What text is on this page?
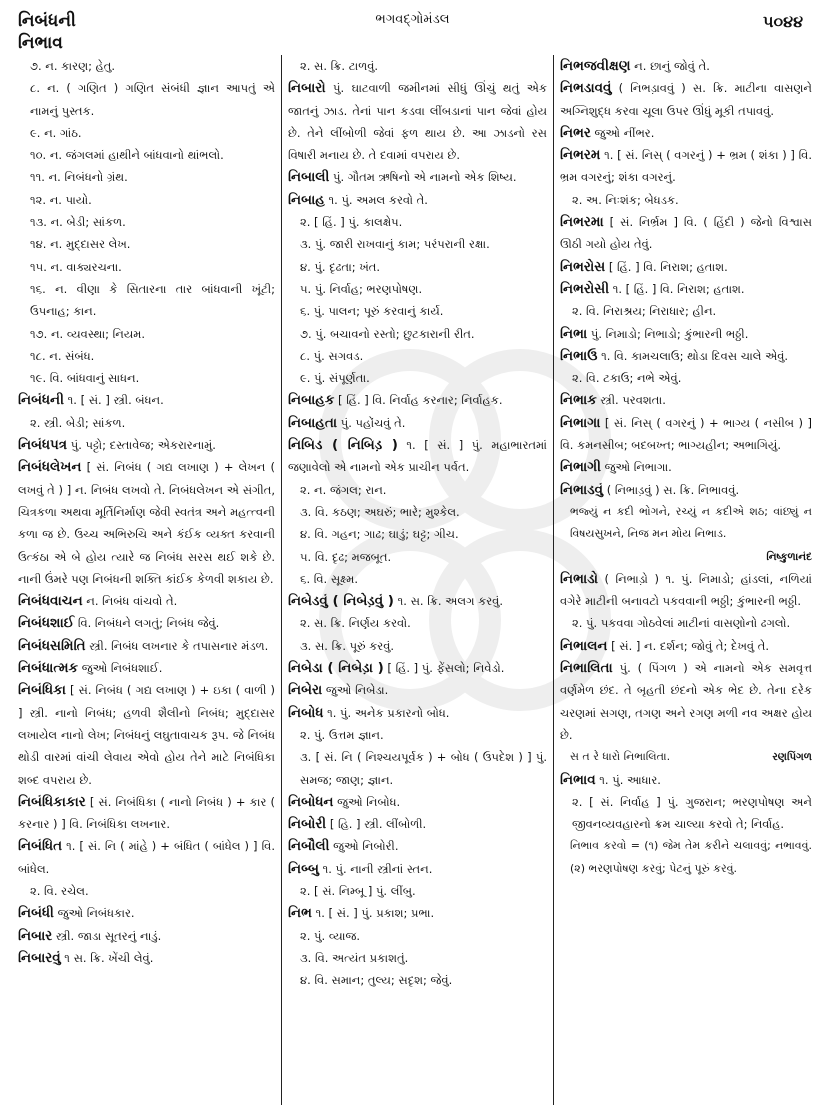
નિબંધની
નિભાવ
ભગવદ્ગોમંડલ	૫૦૪૪
૭. ન. કારણ; હેતુ.
૮. ન. ( ગણિત ) ગણિત સંબંધી જ્ઞાન આપતું એ નામનું પુસ્તક.
૯. ન. ગાંઠ.
૧૦. ન. જંગલમાં હાથીને બાંધવાનો થાંભલો.
૧૧. ન. નિબંધનો ગ્રંથ.
૧૨. ન. પાયો.
૧૩. ન. બેડી; સાંકળ.
૧૪. ન. મુદ્દાસર લેખ.
૧૫. ન. વાક્યરચના.
૧૬. ન. વીણા કે સિતારના તાર બાંધવાની ખૂંટી; ઉપનાહ; કાન.
૧૭. ન. વ્યવસ્થા; નિયમ.
૧૮. ન. સંબંધ.
૧૯. વિ. બાંધવાનું સાધન.
નિબંધની ૧. [ સં. ] સ્ત્રી. બંધન.
૨. સ્ત્રી. બેડી; સાંકળ.
નિબંધપત્ર પું. પટ્ટો; દસ્તાવેજ; એકરારનામું.
નિબંધલેખન [ સં. નિબંધ ( ગદ્ય લખાણ ) + લેખન ( લખવું તે ) ] ન. નિબંધ લખવો તે. નિબંધલેખન એ સંગીત, ચિત્રકળા અથવા મૂર્તિનિર્માણ જેવી સ્વતંત્ર અને મહત્ત્વની કળા જ છે. ઉચ્ચ અભિરુચિ અને કંઈક વ્યક્ત કરવાની ઉત્કંઠા એ બે હોય ત્યારે જ નિબંધ સરસ થઈ શકે છે. નાની ઉંમરે પણ નિબંધની શક્તિ કાંઈક કેળવી શકાય છે.
નિબંધવાચન ન. નિબંધ વાંચવો તે.
નિબંધશાઈ વિ. નિબંધને લગતું; નિબંધ જેવું.
નિબંધસમિતિ સ્ત્રી. નિબંધ લખનાર કે તપાસનાર મંડળ.
નિબંધાત્મક જુઓ નિબંધશાઈ.
નિબંધિકા [ સં. નિબંધ ( ગદ્ય લખાણ ) + ઇકા ( વાળી ) ] સ્ત્રી. નાનો નિબંધ; હળવી શૈલીનો નિબંધ; મુદ્દાસર લખાયેલ નાનો લેખ; નિબંધનું લઘુતાવાચક રૂપ. જે નિબંધ થોડી વારમાં વાંચી લેવાય એવો હોય તેને માટે નિબંધિકા શબ્દ વપરાય છે.
નિબંધિકાકાર [ સં. નિબંધિકા ( નાનો નિબંધ ) + કાર ( કરનાર ) ] વિ. નિબંધિકા લખનાર.
નિબંધિત ૧. [ સં. નિ ( માંહે ) + બંધિત ( બાંધેલ ) ] વિ. બાંધેલ.
૨. વિ. રચેલ.
નિબંધી જુઓ નિબંધકાર.
નિબાર સ્ત્રી. જાડા સૂતરનું નાડું.
નિબારવું ૧ સ. ક્રિ. ખેંચી લેવું.
૨. સ. ક્રિ. ટાળવું.
નિબારો પું. ઘાટવાળી જમીનમાં સીધું ઊંચું થતું એક જાતનું ઝાડ. તેનાં પાન કડવા લીંબડાનાં પાન જેવાં હોય છે. તેને લીંબોળી જેવાં ફળ થાય છે. આ ઝાડનો રસ વિષારી મનાય છે. તે દવામાં વપરાય છે.
નિબાલી પું. ગૌતમ ઋષિનો એ નામનો એક શિષ્ય.
નિબાહ ૧. પું. અમલ કરવો તે.
૨. [ હિં. ] પું. કાલક્ષેપ.
૩. પું. જારી રાખવાનું કામ; પરંપરાની રક્ષા.
૪. પું. દૃઢતા; ખંત.
૫. પું. નિર્વાહ; ભરણપોષણ.
૬. પું. પાલન; પૂરું કરવાનું કાર્ય.
૭. પું. બચાવનો રસ્તો; છુટકારાની રીત.
૮. પું. સગવડ.
૯. પું. સંપૂર્ણતા.
નિબાહક [ હિં. ] વિ. નિર્વાહ કરનાર; નિર્વાહક.
નિબાહતા પું. પહોંચવું તે.
નિબિડ ( નિબિડ઼ ) ૧. [ સં. ] પું. મહાભારતમાં જણાવેલો એ નામનો એક પ્રાચીન પર્વત.
૨. ન. જંગલ; રાન.
૩. વિ. કઠણ; અઘરું; ભારે; મુશ્કેલ.
૪. વિ. ગહન; ગાઢ; ઘાડું; ઘટ્ટ; ગીચ.
૫. વિ. દૃઢ; મજબૂત.
૬. વિ. સૂક્ષ્મ.
નિબેડવું ( નિબેડ઼વું ) ૧. સ. ક્રિ. અલગ કરવું.
૨. સ. ક્રિ. નિર્ણય કરવો.
૩. સ. ક્રિ. પૂરું કરવું.
નિબેડા ( નિબેડ઼ા ) [ હિં. ] પું. ફેંસલો; નિવેડો.
નિબેરા જુઓ નિબેડા.
નિબોધ ૧. પું. અનેક પ્રકારનો બોધ.
૨. પું. ઉત્તમ જ્ઞાન.
૩. [ સં. નિ ( નિશ્ચયપૂર્વક ) + બોધ ( ઉપદેશ ) ] પું. સમજ; જાણ; જ્ઞાન.
નિબોધન જુઓ નિબોધ.
નિબોરી [ હિ. ] સ્ત્રી. લીંબોળી.
નિબૌલી જુઓ નિબોરી.
નિબ્બુ ૧. પું. નાની સ્ત્રીનાં સ્તન.
૨. [ સં. નિમ્બૂ ] પું. લીંબુ.
નિભ ૧. [ સં. ] પું. પ્રકાશ; પ્રભા.
૨. પું. વ્યાજ.
૩. વિ. અત્યંત પ્રકાશતું.
૪. વિ. સમાન; તુલ્ય; સદૃશ; જેવું.
નિભજવીક્ષણ ન. છાનું જોવું તે.
નિભડાવવું ( નિભડ઼ાવવું ) સ. ક્રિ. માટીના વાસણને અગ્નિશુદ્ધ કરવા ચૂલા ઉપર ઊંધું મૂકી તપાવવું.
નિભર જુઓ નીંભર.
નિભરમ ૧. [ સં. નિસ્ ( વગરનું ) + ભ્રમ ( શંકા ) ] વિ. ભ્રમ વગરનું; શંકા વગરનું.
૨. અ. નિઃશંક; બેધડક.
નિભરમા [ સં. નિર્ભ્રમ ] વિ. ( હિંદી ) જેનો વિશ્વાસ ઊઠી ગયો હોય તેવું.
નિભરોસ [ હિં. ] વિ. નિરાશ; હતાશ.
નિભરોસી ૧. [ હિં. ] વિ. નિરાશ; હતાશ.
૨. વિ. નિરાશ્રય; નિરાધાર; હીન.
નિભા પું. નિમાડો; નિભાડો; કુંભારની ભઠ્ઠી.
નિભાઉ ૧. વિ. કામચલાઉ; થોડા દિવસ ચાલે એવું.
૨. વિ. ટકાઉ; નભે એવું.
નિભાક સ્ત્રી. પરવશતા.
નિભાગા [ સં. નિસ્ ( વગરનું ) + ભાગ્ય ( નસીબ ) ] વિ. કમનસીબ; બદબખ્ત; ભાગ્યહીન; અભાગિયું.
નિભાગી જુઓ નિભાગા.
નિભાડવું ( નિભાડ઼વું ) સ. ક્રિ. નિભાવવું.
ભજ્યું ન કદી ભોગને, રચ્યું ન કદીએ શઠ; વાંછ્યું ન વિષયસુખને, નિજ મન મોય નિભાડ.
નિષ્કુળાનંદ
નિભાડો ( નિભાડ઼ો ) ૧. પું. નિમાડો; હાંડલાં, નળિયાં વગેરે માટીની બનાવટો પકવવાની ભઠ્ઠી; કુંભારની ભઠ્ઠી.
૨. પું. પકવવા ગોઠવેલાં માટીનાં વાસણોનો ઢગલો.
નિભાલન [ સં. ] ન. દર્શન; જોવું તે; દેખવું તે.
નિભાલિતા પું. ( પિંગળ ) એ નામનો એક સમવૃત્ત વર્ણમેળ છંદ. તે બૃહતી છંદનો એક ભેદ છે. તેના દરેક ચરણમાં સગણ, તગણ અને રગણ મળી નવ અક્ષર હોય છે.
સ ત રે ધારો નિભાલિતા.	રણપિંગળ
નિભાવ ૧. પું. આધાર.
૨. [ સં. નિર્વાહ ] પું. ગુજરાન; ભરણપોષણ અને જીવનવ્યવહારનો ક્રમ ચાલ્યા કરવો તે; નિર્વાહ.
નિભાવ કરવો = (૧) જેમ તેમ કરીને ચલાવવું; નભાવવું. (૨) ભરણપોષણ કરવું; પેટનું પૂરું કરવું.
